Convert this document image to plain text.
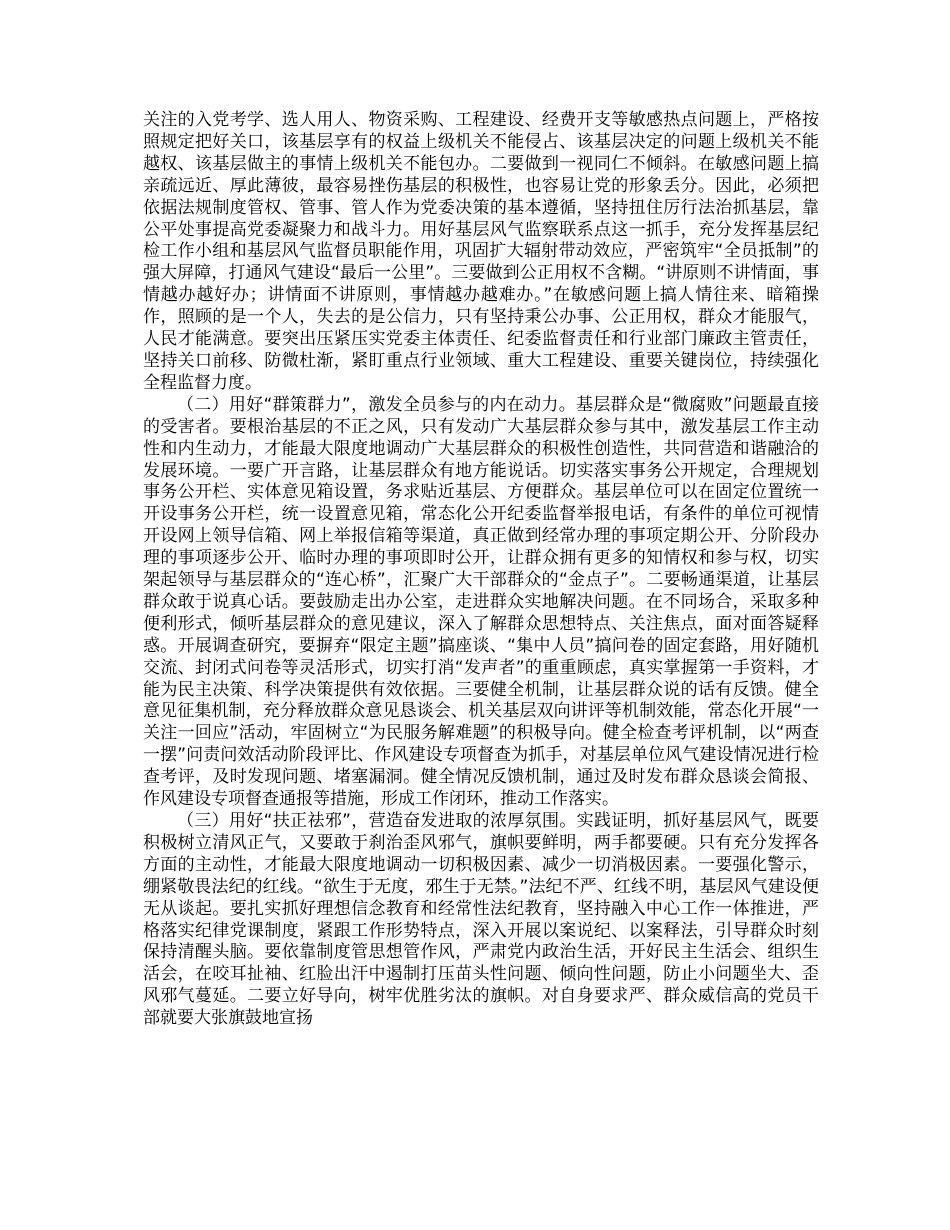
关注的入党考学、选人用人、物资采购、工程建设、经费开支等敏感热点问题上，严格按照规定把好关口，该基层享有的权益上级机关不能侵占、该基层决定的问题上级机关不能越权、该基层做主的事情上级机关不能包办。二要做到一视同仁不倾斜。在敏感问题上搞亲疏远近、厚此薄彼，最容易挫伤基层的积极性，也容易让党的形象丢分。因此，必须把依据法规制度管权、管事、管人作为党委决策的基本遵循，坚持扭住厉行法治抓基层，靠公平处事提高党委凝聚力和战斗力。用好基层风气监察联系点这一抓手，充分发挥基层纪检工作小组和基层风气监督员职能作用，巩固扩大辐射带动效应，严密筑牢“全员抵制”的强大屏障，打通风气建设“最后一公里”。三要做到公正用权不含糊。“讲原则不讲情面，事情越办越好办；讲情面不讲原则，事情越办越难办。”在敏感问题上搞人情往来、暗箱操作，照顾的是一个人，失去的是公信力，只有坚持秉公办事、公正用权，群众才能服气，人民才能满意。要突出压紧压实党委主体责任、纪委监督责任和行业部门廉政主管责任，坚持关口前移、防微杜渐，紧盯重点行业领域、重大工程建设、重要关键岗位，持续强化全程监督力度。

（二）用好“群策群力”，激发全员参与的内在动力。基层群众是“微腐败”问题最直接的受害者。要根治基层的不正之风，只有发动广大基层群众参与其中，激发基层工作主动性和内生动力，才能最大限度地调动广大基层群众的积极性创造性，共同营造和谐融洽的发展环境。一要广开言路，让基层群众有地方能说话。切实落实事务公开规定，合理规划事务公开栏、实体意见箱设置，务求贴近基层、方便群众。基层单位可以在固定位置统一开设事务公开栏，统一设置意见箱，常态化公开纪委监督举报电话，有条件的单位可视情开设网上领导信箱、网上举报信箱等渠道，真正做到经常办理的事项定期公开、分阶段办理的事项逐步公开、临时办理的事项即时公开，让群众拥有更多的知情权和参与权，切实架起领导与基层群众的“连心桥”，汇聚广大干部群众的“金点子”。二要畅通渠道，让基层群众敢于说真心话。要鼓励走出办公室，走进群众实地解决问题。在不同场合，采取多种便利形式，倾听基层群众的意见建议，深入了解群众思想特点、关注焦点，面对面答疑释惑。开展调查研究，要摒弃“限定主题”搞座谈、“集中人员”搞问卷的固定套路，用好随机交流、封闭式问卷等灵活形式，切实打消“发声者”的重重顾虑，真实掌握第一手资料，才能为民主决策、科学决策提供有效依据。三要健全机制，让基层群众说的话有反馈。健全意见征集机制，充分释放群众意见恳谈会、机关基层双向讲评等机制效能，常态化开展“一关注一回应”活动，牢固树立“为民服务解难题”的积极导向。健全检查考评机制，以“两查一摆”问责问效活动阶段评比、作风建设专项督查为抓手，对基层单位风气建设情况进行检查考评，及时发现问题、堵塞漏洞。健全情况反馈机制，通过及时发布群众恳谈会简报、作风建设专项督查通报等措施，形成工作闭环，推动工作落实。

（三）用好“扶正祛邪”，营造奋发进取的浓厚氛围。实践证明，抓好基层风气，既要积极树立清风正气，又要敢于刹治歪风邪气，旗帜要鲜明，两手都要硬。只有充分发挥各方面的主动性，才能最大限度地调动一切积极因素、减少一切消极因素。一要强化警示，绷紧敬畏法纪的红线。“欲生于无度，邪生于无禁。”法纪不严、红线不明，基层风气建设便无从谈起。要扎实抓好理想信念教育和经常性法纪教育，坚持融入中心工作一体推进，严格落实纪律党课制度，紧跟工作形势特点，深入开展以案说纪、以案释法，引导群众时刻保持清醒头脑。要依靠制度管思想管作风，严肃党内政治生活，开好民主生活会、组织生活会，在咬耳扯袖、红脸出汗中遏制打压苗头性问题、倾向性问题，防止小问题坐大、歪风邪气蔓延。二要立好导向，树牢优胜劣汰的旗帜。对自身要求严、群众威信高的党员干部就要大张旗鼓地宣扬
